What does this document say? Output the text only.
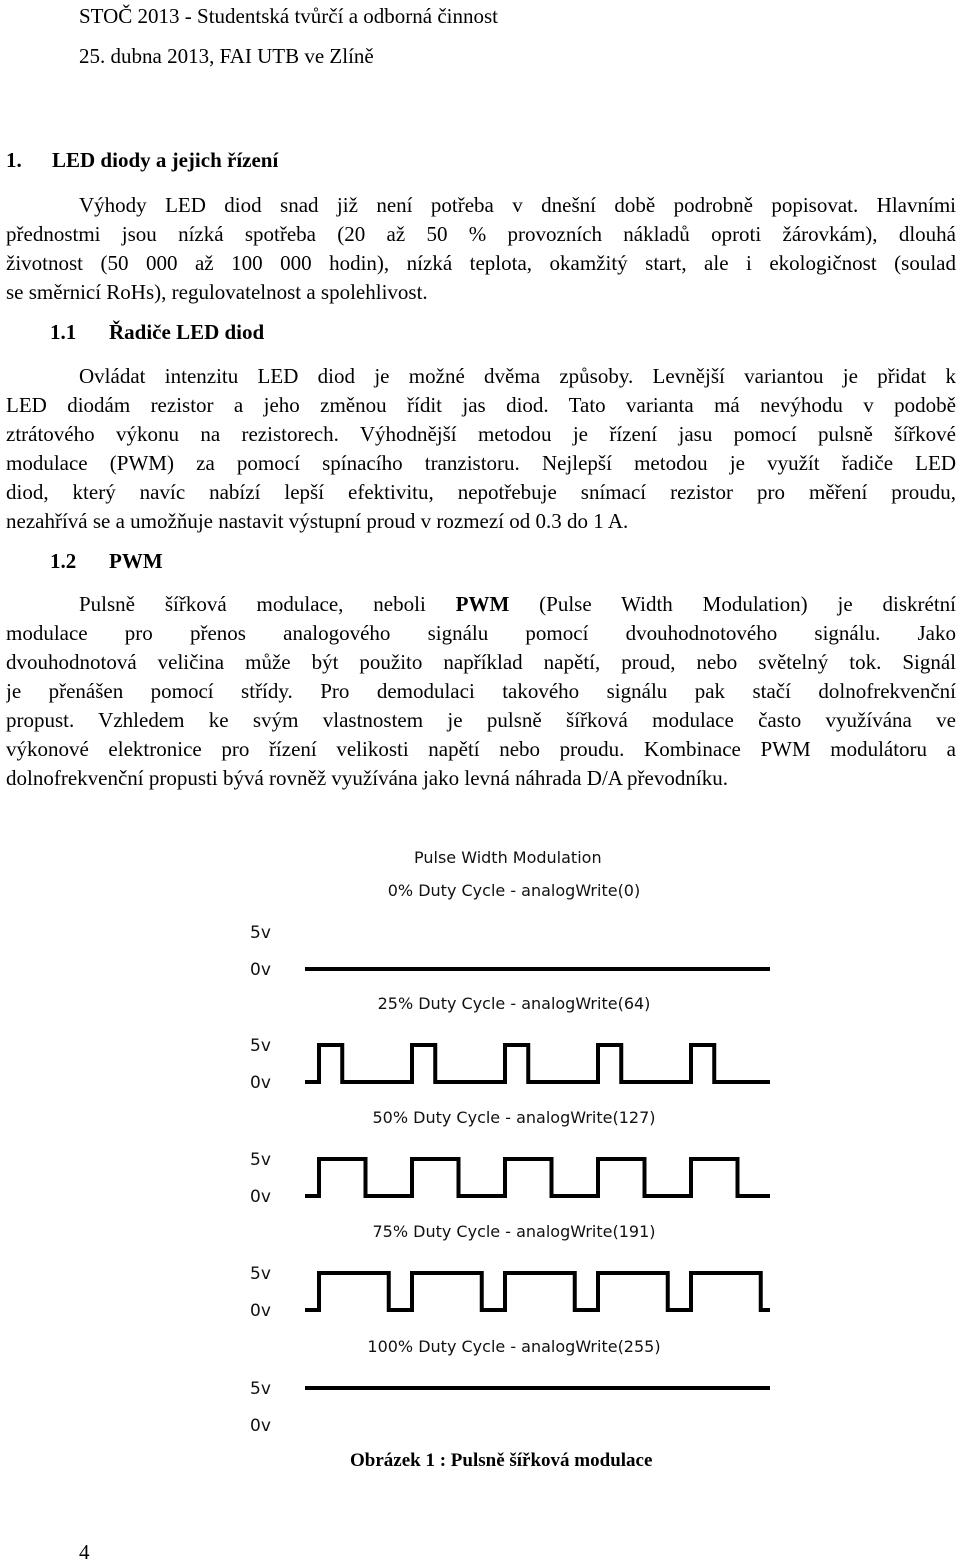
STOČ 2013 - Studentská tvůrčí a odborná činnost
25. dubna 2013, FAI UTB ve Zlíně
1. LED diody a jejich řízení
Výhody LED diod snad již není potřeba v dnešní době podrobně popisovat. Hlavními
přednostmi jsou nízká spotřeba (20 až 50 % provozních nákladů oproti žárovkám), dlouhá
životnost (50 000 až 100 000 hodin), nízká teplota, okamžitý start, ale i ekologičnost (soulad
se směrnicí RoHs), regulovatelnost a spolehlivost.
1.1 Řadiče LED diod
Ovládat intenzitu LED diod je možné dvěma způsoby. Levnější variantou je přidat k
LED diodám rezistor a jeho změnou řídit jas diod. Tato varianta má nevýhodu v podobě
ztrátového výkonu na rezistorech. Výhodnější metodou je řízení jasu pomocí pulsně šířkové
modulace (PWM) za pomocí spínacího tranzistoru. Nejlepší metodou je využít řadiče LED
diod, který navíc nabízí lepší efektivitu, nepotřebuje snímací rezistor pro měření proudu,
nezahřívá se a umožňuje nastavit výstupní proud v rozmezí od 0.3 do 1 A.
1.2 PWM
Pulsně šířková modulace, neboli PWM (Pulse Width Modulation) je diskrétní
modulace pro přenos analogového signálu pomocí dvouhodnotového signálu. Jako
dvouhodnotová veličina může být použito například napětí, proud, nebo světelný tok. Signál
je přenášen pomocí střídy. Pro demodulaci takového signálu pak stačí dolnofrekvenční
propust. Vzhledem ke svým vlastnostem je pulsně šířková modulace často využívána ve
výkonové elektronice pro řízení velikosti napětí nebo proudu. Kombinace PWM modulátoru a
dolnofrekvenční propusti bývá rovněž využívána jako levná náhrada D/A převodníku.
Pulse Width Modulation
0% Duty Cycle - analogWrite(0)
5v
0v
25% Duty Cycle - analogWrite(64)
5v
0v
50% Duty Cycle - analogWrite(127)
5v
0v
75% Duty Cycle - analogWrite(191)
5v
0v
100% Duty Cycle - analogWrite(255)
5v
0v
Obrázek 1 : Pulsně šířková modulace
4
